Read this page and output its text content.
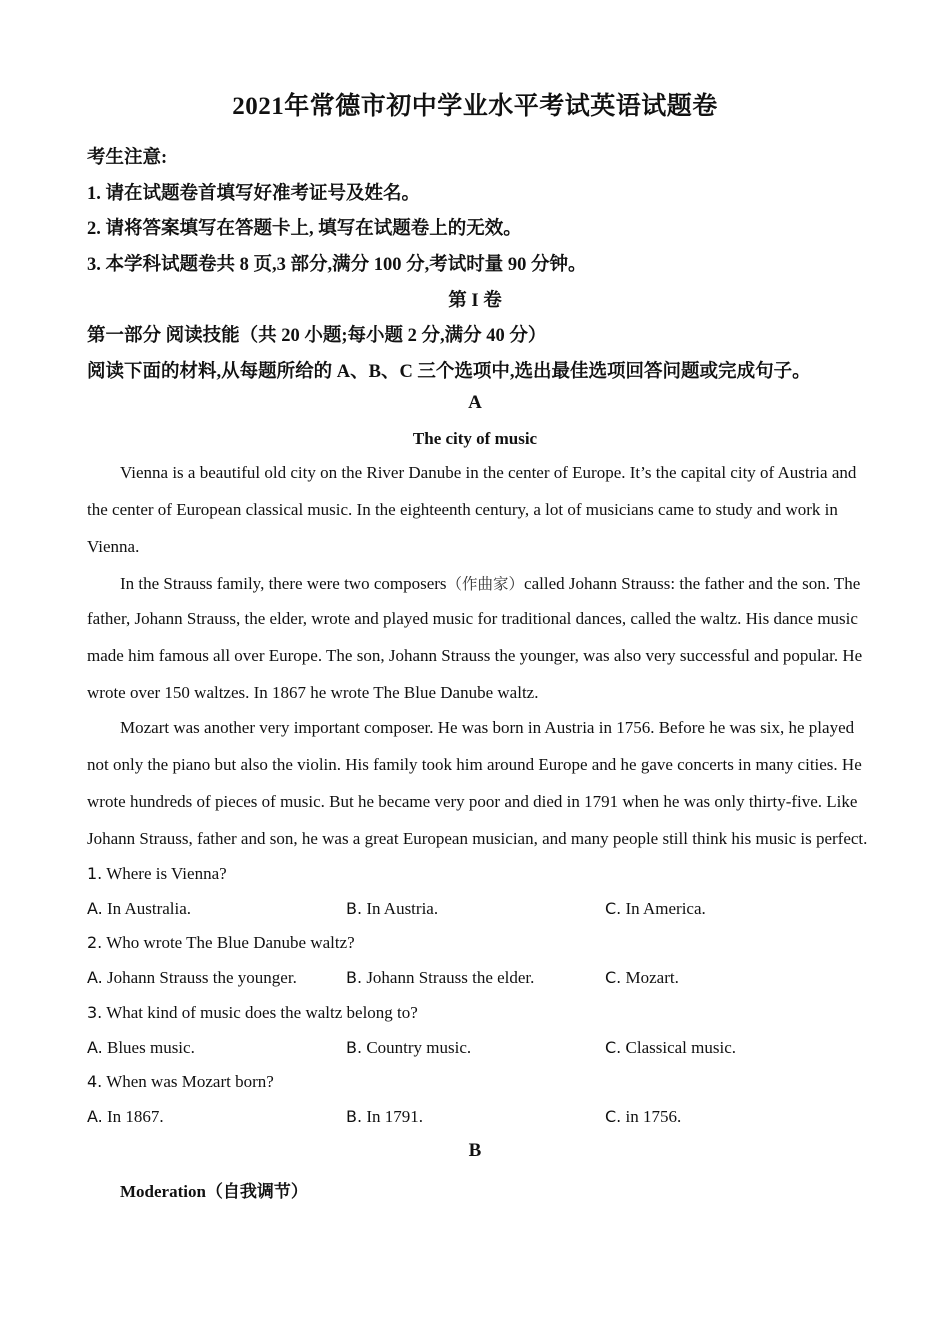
2021年常德市初中学业水平考试英语试题卷
考生注意:
1. 请在试题卷首填写好准考证号及姓名。
2. 请将答案填写在答题卡上, 填写在试题卷上的无效。
3. 本学科试题卷共 8 页,3 部分,满分 100 分,考试时量 90 分钟。
第 I 卷
第一部分 阅读技能（共 20 小题;每小题 2 分,满分 40 分）
阅读下面的材料,从每题所给的 A、B、C 三个选项中,选出最佳选项回答问题或完成句子。
A
The city of music
Vienna is a beautiful old city on the River Danube in the center of Europe. It’s the capital city of Austria and
the center of European classical music. In the eighteenth century, a lot of musicians came to study and work in
Vienna.
In the Strauss family, there were two composers（作曲家）called Johann Strauss: the father and the son. The
father, Johann Strauss, the elder, wrote and played music for traditional dances, called the waltz. His dance music
made him famous all over Europe. The son, Johann Strauss the younger, was also very successful and popular. He
wrote over 150 waltzes. In 1867 he wrote The Blue Danube waltz.
Mozart was another very important composer. He was born in Austria in 1756. Before he was six, he played
not only the piano but also the violin. His family took him around Europe and he gave concerts in many cities. He
wrote hundreds of pieces of music. But he became very poor and died in 1791 when he was only thirty-five. Like
Johann Strauss, father and son, he was a great European musician, and many people still think his music is perfect.
1. Where is Vienna?
A. In Australia.	B. In Austria.	C. In America.
2. Who wrote The Blue Danube waltz?
A. Johann Strauss the younger.	B. Johann Strauss the elder.	C. Mozart.
3. What kind of music does the waltz belong to?
A. Blues music.	B. Country music.	C. Classical music.
4. When was Mozart born?
A. In 1867.	B. In 1791.	C. in 1756.
B
Moderation（自我调节）
